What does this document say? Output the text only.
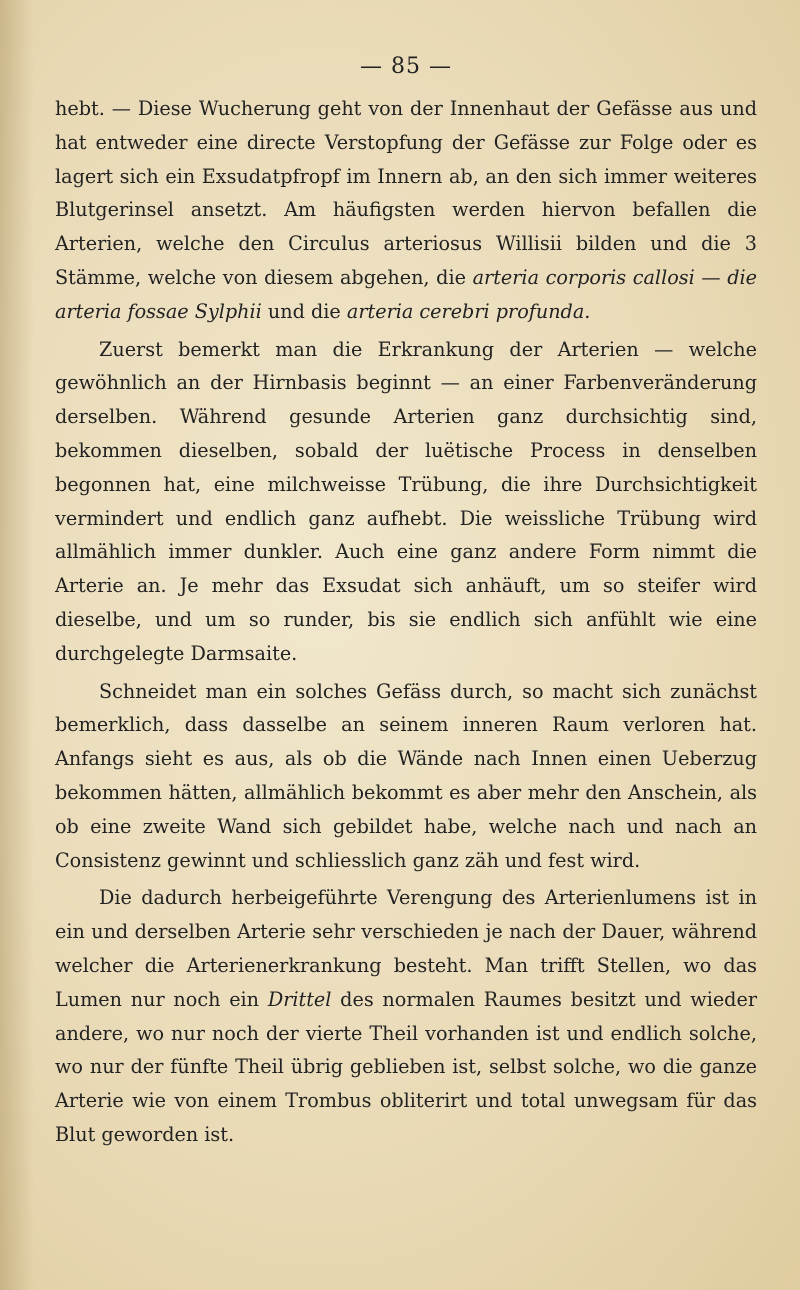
— 85 —

hebt. — Diese Wucherung geht von der Innenhaut der Gefässe aus und hat entweder eine directe Verstopfung der Gefässe zur Folge oder es lagert sich ein Exsudatpfropf im Innern ab, an den sich immer weiteres Blutgerinsel ansetzt. Am häufigsten werden hiervon befallen die Arterien, welche den Circulus arteriosus Willisii bilden und die 3 Stämme, welche von diesem abgehen, die arteria corporis callosi — die arteria fossae Sylphii und die arteria cerebri profunda.

Zuerst bemerkt man die Erkrankung der Arterien — welche gewöhnlich an der Hirnbasis beginnt — an einer Farbenveränderung derselben. Während gesunde Arterien ganz durchsichtig sind, bekommen dieselben, sobald der luëtische Process in denselben begonnen hat, eine milchweisse Trübung, die ihre Durchsichtigkeit vermindert und endlich ganz aufhebt. Die weissliche Trübung wird allmählich immer dunkler. Auch eine ganz andere Form nimmt die Arterie an. Je mehr das Exsudat sich anhäuft, um so steifer wird dieselbe, und um so runder, bis sie endlich sich anfühlt wie eine durchgelegte Darmsaite.

Schneidet man ein solches Gefäss durch, so macht sich zunächst bemerklich, dass dasselbe an seinem inneren Raum verloren hat. Anfangs sieht es aus, als ob die Wände nach Innen einen Ueberzug bekommen hätten, allmählich bekommt es aber mehr den Anschein, als ob eine zweite Wand sich gebildet habe, welche nach und nach an Consistenz gewinnt und schliesslich ganz zäh und fest wird.

Die dadurch herbeigeführte Verengung des Arterienlumens ist in ein und derselben Arterie sehr verschieden je nach der Dauer, während welcher die Arterienerkrankung besteht. Man trifft Stellen, wo das Lumen nur noch ein Drittel des normalen Raumes besitzt und wieder andere, wo nur noch der vierte Theil vorhanden ist und endlich solche, wo nur der fünfte Theil übrig geblieben ist, selbst solche, wo die ganze Arterie wie von einem Trombus obliterirt und total unwegsam für das Blut geworden ist.
